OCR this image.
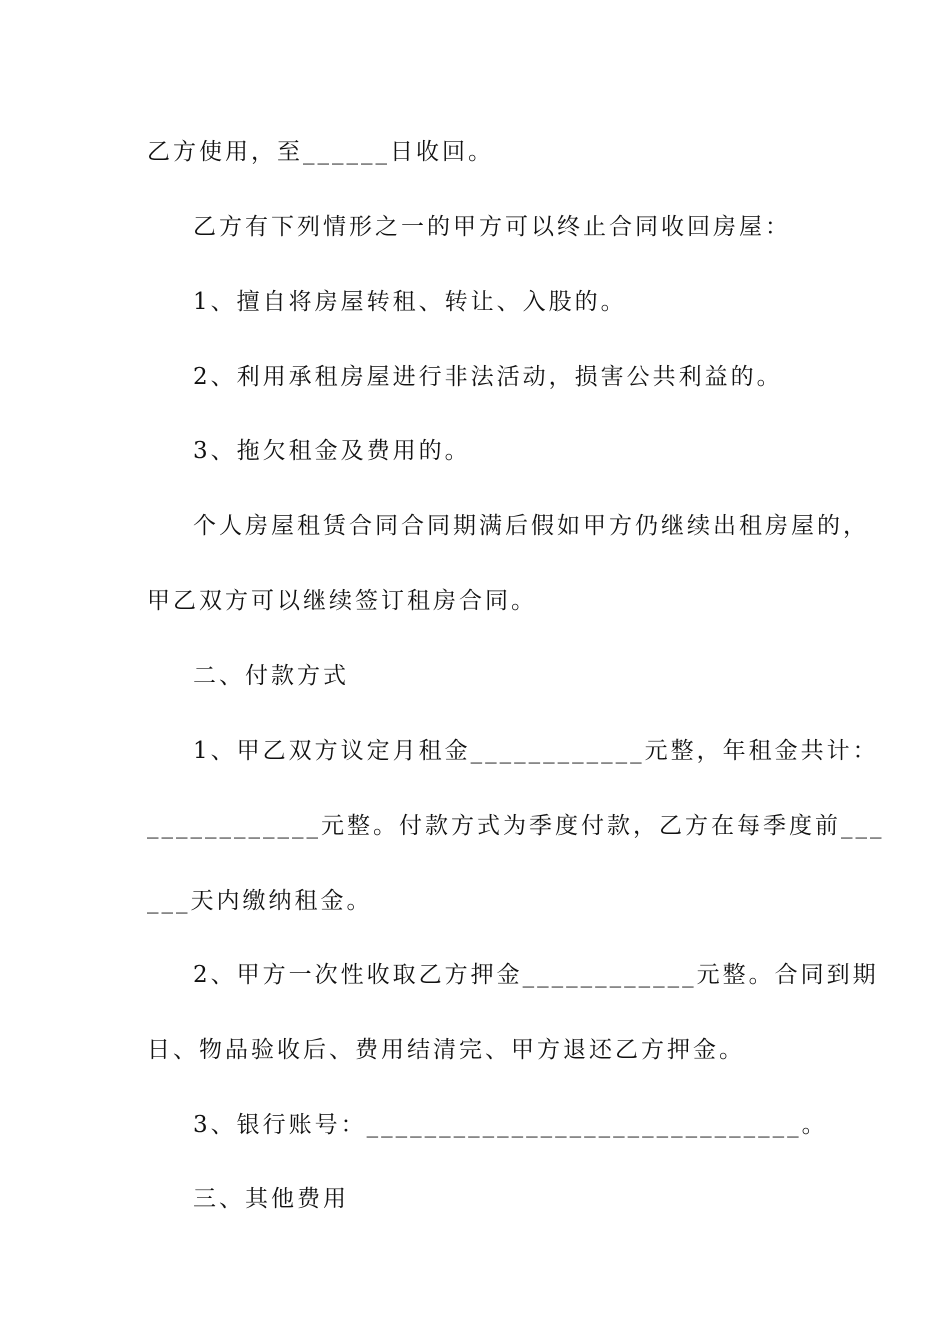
乙方使用，至______日收回。
乙方有下列情形之一的甲方可以终止合同收回房屋：
1、擅自将房屋转租、转让、入股的。
2、利用承租房屋进行非法活动，损害公共利益的。
3、拖欠租金及费用的。
个人房屋租赁合同合同期满后假如甲方仍继续出租房屋的，
甲乙双方可以继续签订租房合同。
二、付款方式
1、甲乙双方议定月租金____________元整，年租金共计：
____________元整。付款方式为季度付款，乙方在每季度前___
___天内缴纳租金。
2、甲方一次性收取乙方押金____________元整。合同到期
日、物品验收后、费用结清完、甲方退还乙方押金。
3、银行账号：______________________________。
三、其他费用
